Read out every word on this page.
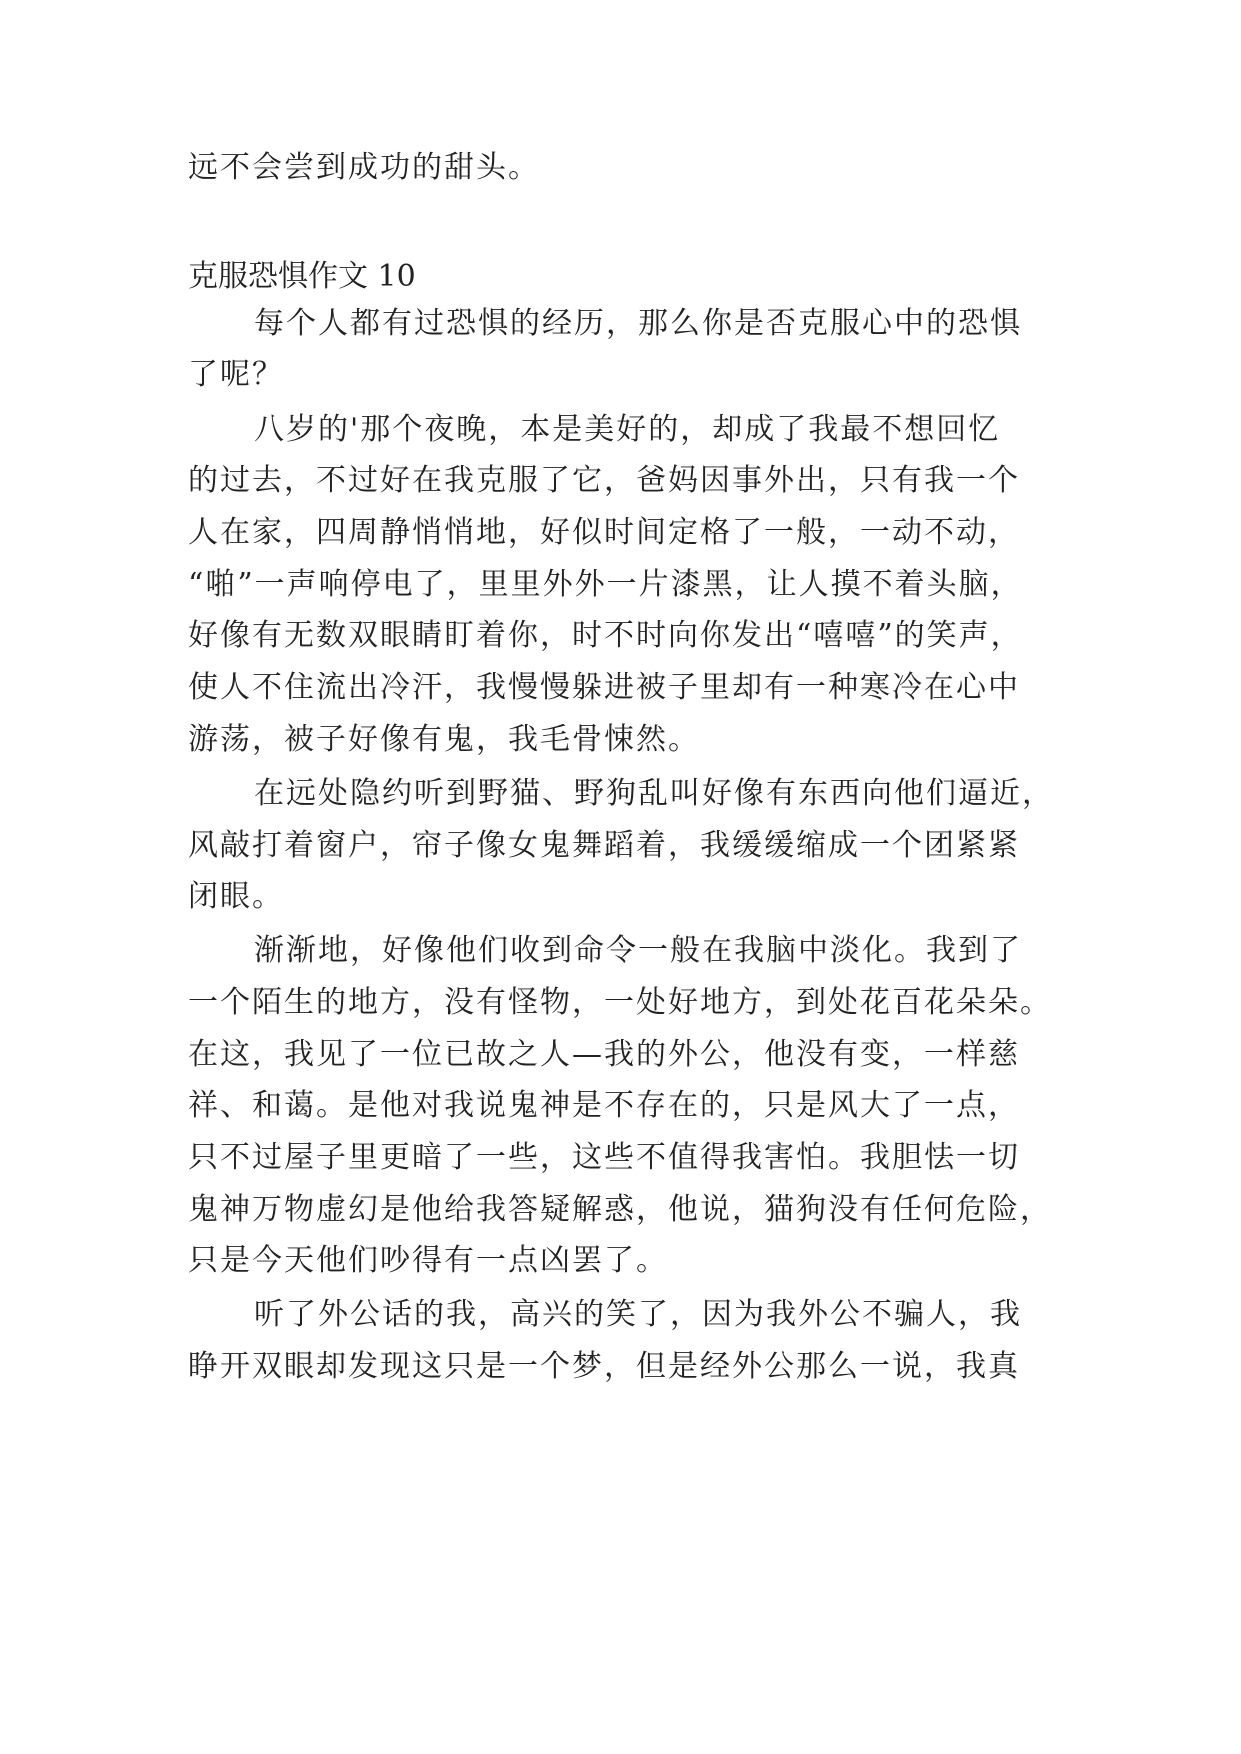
远不会尝到成功的甜头。
克服恐惧作文 10
每个人都有过恐惧的经历，那么你是否克服心中的恐惧
了呢？
八岁的'那个夜晚，本是美好的，却成了我最不想回忆
的过去，不过好在我克服了它，爸妈因事外出，只有我一个
人在家，四周静悄悄地，好似时间定格了一般，一动不动，
“啪”一声响停电了，里里外外一片漆黑，让人摸不着头脑，
好像有无数双眼睛盯着你，时不时向你发出“嘻嘻”的笑声，
使人不住流出冷汗，我慢慢躲进被子里却有一种寒冷在心中
游荡，被子好像有鬼，我毛骨悚然。
在远处隐约听到野猫、野狗乱叫好像有东西向他们逼近，
风敲打着窗户，帘子像女鬼舞蹈着，我缓缓缩成一个团紧紧
闭眼。
渐渐地，好像他们收到命令一般在我脑中淡化。我到了
一个陌生的地方，没有怪物，一处好地方，到处花百花朵朵。
在这，我见了一位已故之人—我的外公，他没有变，一样慈
祥、和蔼。是他对我说鬼神是不存在的，只是风大了一点，
只不过屋子里更暗了一些，这些不值得我害怕。我胆怯一切
鬼神万物虚幻是他给我答疑解惑，他说，猫狗没有任何危险，
只是今天他们吵得有一点凶罢了。
听了外公话的我，高兴的笑了，因为我外公不骗人，我
睁开双眼却发现这只是一个梦，但是经外公那么一说，我真
